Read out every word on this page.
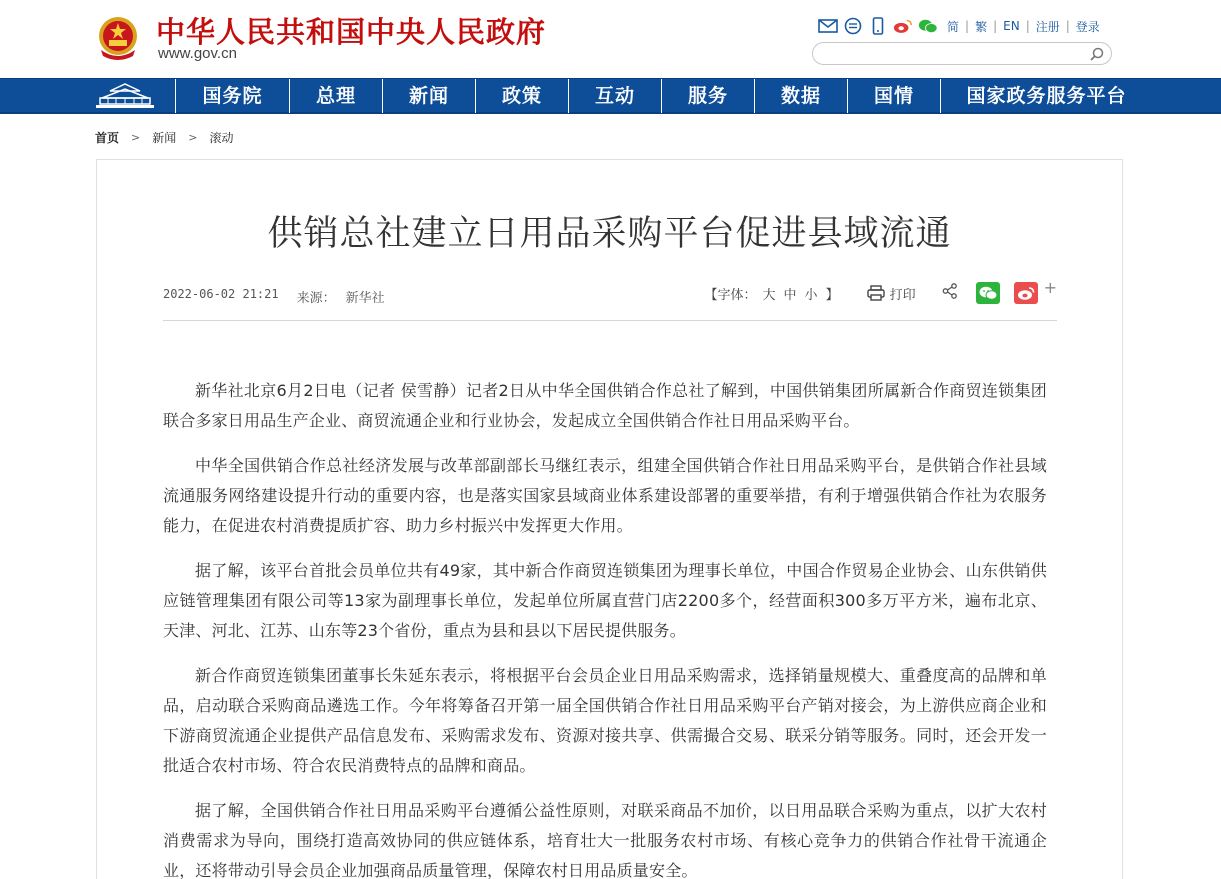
中华人民共和国中央人民政府
www.gov.cn
简 | 繁 | EN | 注册 | 登录
国务院	总理	新闻	政策	互动	服务	数据	国情	国家政务服务平台
首页 > 新闻 > 滚动
供销总社建立日用品采购平台促进县域流通
2022-06-02 21:21 来源： 新华社	【字体： 大 中 小 】	打印	+

新华社北京6月2日电（记者 侯雪静）记者2日从中华全国供销合作总社了解到，中国供销集团所属新合作商贸连锁集团联合多家日用品生产企业、商贸流通企业和行业协会，发起成立全国供销合作社日用品采购平台。

中华全国供销合作总社经济发展与改革部副部长马继红表示，组建全国供销合作社日用品采购平台，是供销合作社县域流通服务网络建设提升行动的重要内容，也是落实国家县域商业体系建设部署的重要举措，有利于增强供销合作社为农服务能力，在促进农村消费提质扩容、助力乡村振兴中发挥更大作用。

据了解，该平台首批会员单位共有49家，其中新合作商贸连锁集团为理事长单位，中国合作贸易企业协会、山东供销供应链管理集团有限公司等13家为副理事长单位，发起单位所属直营门店2200多个，经营面积300多万平方米，遍布北京、天津、河北、江苏、山东等23个省份，重点为县和县以下居民提供服务。

新合作商贸连锁集团董事长朱延东表示，将根据平台会员企业日用品采购需求，选择销量规模大、重叠度高的品牌和单品，启动联合采购商品遴选工作。今年将筹备召开第一届全国供销合作社日用品采购平台产销对接会，为上游供应商企业和下游商贸流通企业提供产品信息发布、采购需求发布、资源对接共享、供需撮合交易、联采分销等服务。同时，还会开发一批适合农村市场、符合农民消费特点的品牌和商品。

据了解，全国供销合作社日用品采购平台遵循公益性原则，对联采商品不加价，以日用品联合采购为重点，以扩大农村消费需求为导向，围绕打造高效协同的供应链体系，培育壮大一批服务农村市场、有核心竞争力的供销合作社骨干流通企业，还将带动引导会员企业加强商品质量管理，保障农村日用品质量安全。
